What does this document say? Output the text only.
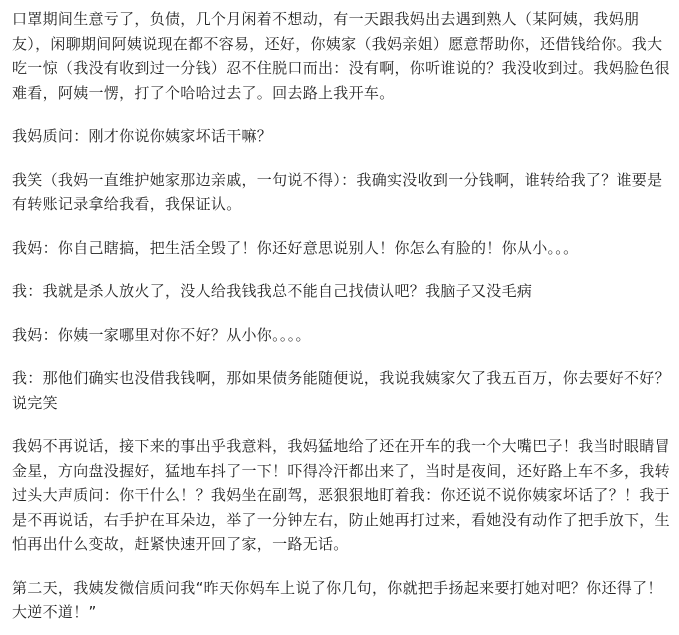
口罩期间生意亏了，负债，几个月闲着不想动，有一天跟我妈出去遇到熟人（某阿姨，我妈朋友），闲聊期间阿姨说现在都不容易，还好，你姨家（我妈亲姐）愿意帮助你，还借钱给你。我大吃一惊（我没有收到过一分钱）忍不住脱口而出：没有啊，你听谁说的？我没收到过。我妈脸色很难看，阿姨一愣，打了个哈哈过去了。回去路上我开车。

我妈质问：刚才你说你姨家坏话干嘛？

我笑（我妈一直维护她家那边亲戚，一句说不得）：我确实没收到一分钱啊，谁转给我了？谁要是有转账记录拿给我看，我保证认。

我妈：你自己瞎搞，把生活全毁了！你还好意思说别人！你怎么有脸的！你从小。。。

我：我就是杀人放火了，没人给我钱我总不能自己找债认吧？我脑子又没毛病

我妈：你姨一家哪里对你不好？从小你。。。。

我：那他们确实也没借我钱啊，那如果债务能随便说，我说我姨家欠了我五百万，你去要好不好？说完笑

我妈不再说话，接下来的事出乎我意料，我妈猛地给了还在开车的我一个大嘴巴子！我当时眼睛冒金星，方向盘没握好，猛地车抖了一下！吓得冷汗都出来了，当时是夜间，还好路上车不多，我转过头大声质问：你干什么！？我妈坐在副驾，恶狠狠地盯着我：你还说不说你姨家坏话了？！我于是不再说话，右手护在耳朵边，举了一分钟左右，防止她再打过来，看她没有动作了把手放下，生怕再出什么变故，赶紧快速开回了家，一路无话。

第二天，我姨发微信质问我“昨天你妈车上说了你几句，你就把手扬起来要打她对吧？你还得了！大逆不道！”
